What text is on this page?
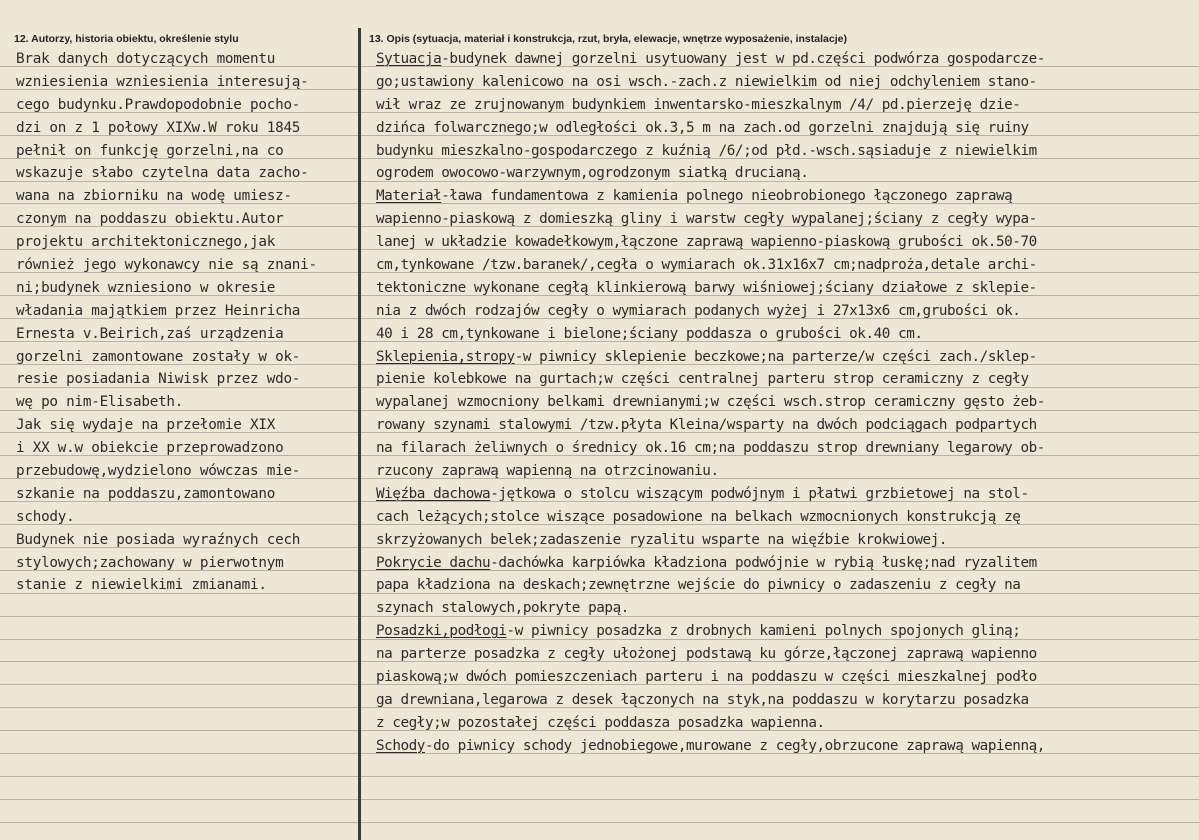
12. Autorzy, historia obiektu, określenie stylu	13. Opis (sytuacja, materiał i konstrukcja, rzut, bryła, elewacje, wnętrze wyposażenie, instalacje)
Brak danych dotyczących momentu
wzniesienia wzniesienia interesują-
cego budynku.Prawdopodobnie pocho-
dzi on z 1 połowy XIXw.W roku 1845
pełnił on funkcję gorzelni,na co
wskazuje słabo czytelna data zacho-
wana na zbiorniku na wodę umiesz-
czonym na poddaszu obiektu.Autor
projektu architektonicznego,jak
również jego wykonawcy nie są znani-
ni;budynek wzniesiono w okresie
władania majątkiem przez Heinricha
Ernesta v.Beirich,zaś urządzenia
gorzelni zamontowane zostały w ok-
resie posiadania Niwisk przez wdo-
wę po nim-Elisabeth.
Jak się wydaje na przełomie XIX
i XX w.w obiekcie przeprowadzono
przebudowę,wydzielono wówczas mie-
szkanie na poddaszu,zamontowano
schody.
Budynek nie posiada wyraźnych cech
stylowych;zachowany w pierwotnym
stanie z niewielkimi zmianami.
Sytuacja-budynek dawnej gorzelni usytuowany jest w pd.części podwórza gospodarcze-
go;ustawiony kalenicowo na osi wsch.-zach.z niewielkim od niej odchyleniem stano-
wił wraz ze zrujnowanym budynkiem inwentarsko-mieszkalnym /4/ pd.pierzeję dzie-
dzińca folwarcznego;w odległości ok.3,5 m na zach.od gorzelni znajdują się ruiny
budynku mieszkalno-gospodarczego z kuźnią /6/;od płd.-wsch.sąsiaduje z niewielkim
ogrodem owocowo-warzywnym,ogrodzonym siatką drucianą.
Materiał-ława fundamentowa z kamienia polnego nieobrobionego łączonego zaprawą
wapienno-piaskową z domieszką gliny i warstw cegły wypalanej;ściany z cegły wypa-
lanej w układzie kowadełkowym,łączone zaprawą wapienno-piaskową grubości ok.50-70
cm,tynkowane /tzw.baranek/,cegła o wymiarach ok.31x16x7 cm;nadproża,detale archi-
tektoniczne wykonane cegłą klinkierową barwy wiśniowej;ściany działowe z sklepie-
nia z dwóch rodzajów cegły o wymiarach podanych wyżej i 27x13x6 cm,grubości ok.
40 i 28 cm,tynkowane i bielone;ściany poddasza o grubości ok.40 cm.
Sklepienia,stropy-w piwnicy sklepienie beczkowe;na parterze/w części zach./sklep-
pienie kolebkowe na gurtach;w części centralnej parteru strop ceramiczny z cegły
wypalanej wzmocniony belkami drewnianymi;w części wsch.strop ceramiczny gęsto żeb-
rowany szynami stalowymi /tzw.płyta Kleina/wsparty na dwóch podciągach podpartych
na filarach żeliwnych o średnicy ok.16 cm;na poddaszu strop drewniany legarowy ob-
rzucony zaprawą wapienną na otrzcinowaniu.
Więźba dachowa-jętkowa o stolcu wiszącym podwójnym i płatwi grzbietowej na stol-
cach leżących;stolce wiszące posadowione na belkach wzmocnionych konstrukcją zę
skrzyżowanych belek;zadaszenie ryzalitu wsparte na więźbie krokwiowej.
Pokrycie dachu-dachówka karpiówka kładziona podwójnie w rybią łuskę;nad ryzalitem
papa kładziona na deskach;zewnętrzne wejście do piwnicy o zadaszeniu z cegły na
szynach stalowych,pokryte papą.
Posadzki,podłogi-w piwnicy posadzka z drobnych kamieni polnych spojonych gliną;
na parterze posadzka z cegły ułożonej podstawą ku górze,łączonej zaprawą wapienno
piaskową;w dwóch pomieszczeniach parteru i na poddaszu w części mieszkalnej podło
ga drewniana,legarowa z desek łączonych na styk,na poddaszu w korytarzu posadzka
z cegły;w pozostałej części poddasza posadzka wapienna.
Schody-do piwnicy schody jednobiegowe,murowane z cegły,obrzucone zaprawą wapienną,
